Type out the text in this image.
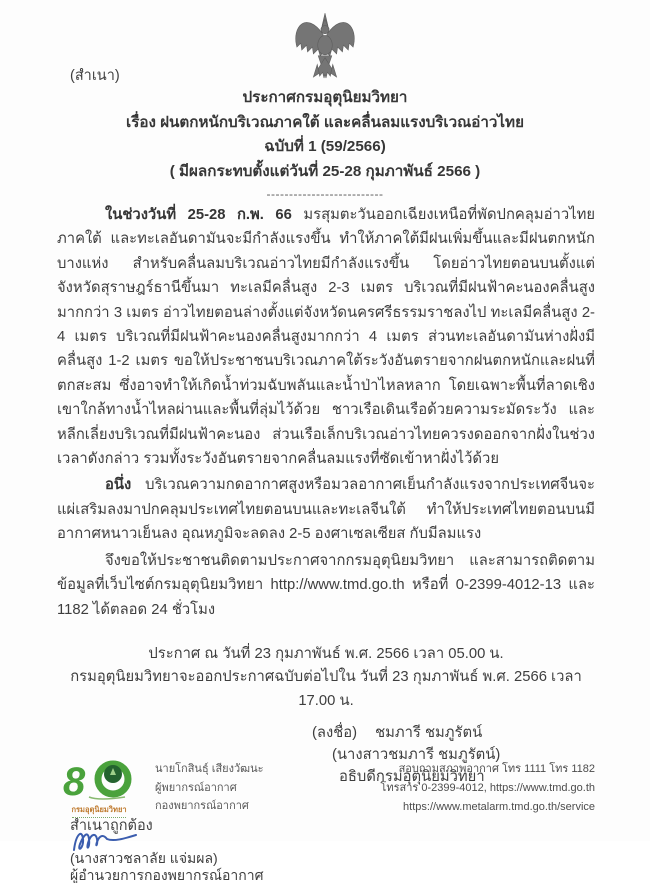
(สำเนา)
ประกาศกรมอุตุนิยมวิทยา
เรื่อง ฝนตกหนักบริเวณภาคใต้ และคลื่นลมแรงบริเวณอ่าวไทย
ฉบับที่ 1 (59/2566)
( มีผลกระทบตั้งแต่วันที่ 25-28 กุมภาพันธ์ 2566 )
--------------------------

ในช่วงวันที่ 25-28 ก.พ. 66 มรสุมตะวันออกเฉียงเหนือที่พัดปกคลุมอ่าวไทย ภาคใต้ และทะเลอันดามันจะมีกำลังแรงขึ้น ทำให้ภาคใต้มีฝนเพิ่มขึ้นและมีฝนตกหนักบางแห่ง สำหรับคลื่นลมบริเวณอ่าวไทยมีกำลังแรงขึ้น โดยอ่าวไทยตอนบนตั้งแต่จังหวัดสุราษฎร์ธานีขึ้นมา ทะเลมีคลื่นสูง 2-3 เมตร บริเวณที่มีฝนฟ้าคะนองคลื่นสูงมากกว่า 3 เมตร อ่าวไทยตอนล่างตั้งแต่จังหวัดนครศรีธรรมราชลงไป ทะเลมีคลื่นสูง 2-4 เมตร บริเวณที่มีฝนฟ้าคะนองคลื่นสูงมากกว่า 4 เมตร ส่วนทะเลอันดามันห่างฝั่งมีคลื่นสูง 1-2 เมตร ขอให้ประชาชนบริเวณภาคใต้ระวังอันตรายจากฝนตกหนักและฝนที่ตกสะสม ซึ่งอาจทำให้เกิดน้ำท่วมฉับพลันและน้ำป่าไหลหลาก โดยเฉพาะพื้นที่ลาดเชิงเขาใกล้ทางน้ำไหลผ่านและพื้นที่ลุ่มไว้ด้วย ชาวเรือเดินเรือด้วยความระมัดระวัง และหลีกเลี่ยงบริเวณที่มีฝนฟ้าคะนอง ส่วนเรือเล็กบริเวณอ่าวไทยควรงดออกจากฝั่งในช่วงเวลาดังกล่าว รวมทั้งระวังอันตรายจากคลื่นลมแรงที่ซัดเข้าหาฝั่งไว้ด้วย

อนึ่ง บริเวณความกดอากาศสูงหรือมวลอากาศเย็นกำลังแรงจากประเทศจีนจะแผ่เสริมลงมาปกคลุมประเทศไทยตอนบนและทะเลจีนใต้ ทำให้ประเทศไทยตอนบนมีอากาศหนาวเย็นลง อุณหภูมิจะลดลง 2-5 องศาเซลเซียส กับมีลมแรง

จึงขอให้ประชาชนติดตามประกาศจากกรมอุตุนิยมวิทยา และสามารถติดตามข้อมูลที่เว็บไซต์กรมอุตุนิยมวิทยา http://www.tmd.go.th หรือที่ 0-2399-4012-13 และ 1182 ได้ตลอด 24 ชั่วโมง

ประกาศ ณ วันที่ 23 กุมภาพันธ์ พ.ศ. 2566 เวลา 05.00 น.
กรมอุตุนิยมวิทยาจะออกประกาศฉบับต่อไปใน วันที่ 23 กุมภาพันธ์ พ.ศ. 2566 เวลา 17.00 น.
(ลงชื่อ) ชมภารี ชมภูรัตน์
(นางสาวชมภารี ชมภูรัตน์)
อธิบดีกรมอุตุนิยมวิทยา
สำเนาถูกต้อง
(นางสาวชลาลัย แจ่มผล)
ผู้อำนวยการกองพยากรณ์อากาศ
8
กรมอุตุนิยมวิทยา
นายโกสินธุ์ เสียงวัฒนะ
ผู้พยากรณ์อากาศ
กองพยากรณ์อากาศ
สอบถามสภาพอากาศ โทร 1111 โทร 1182
โทรสาร 0-2399-4012, https://www.tmd.go.th
https://www.metalarm.tmd.go.th/service
